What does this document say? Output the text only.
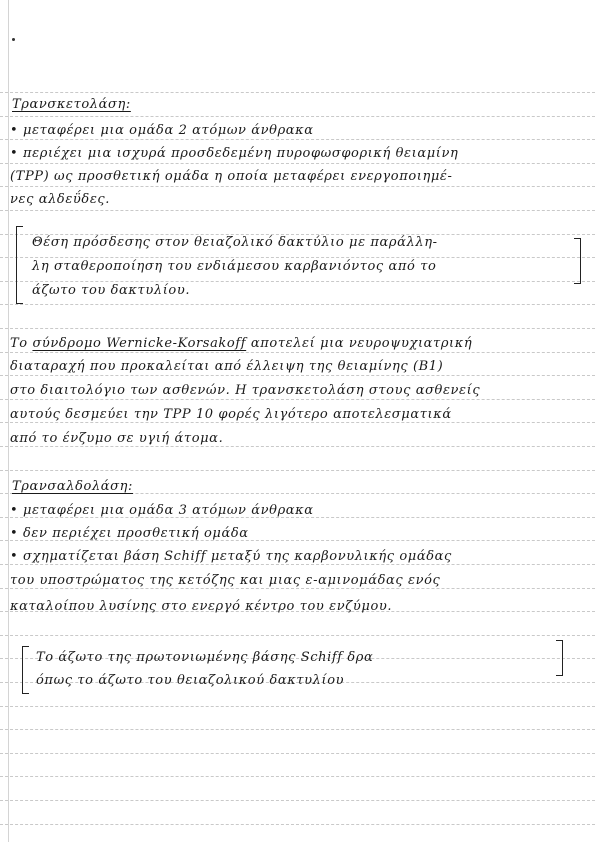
Τρανσκετολάση:
• μεταφέρει μια ομάδα 2 ατόμων άνθρακα
• περιέχει μια ισχυρά προσδεδεμένη πυροφωσφορική θειαμίνη
(TPP) ως προσθετική ομάδα η οποία μεταφέρει ενεργοποιημέ-
νες αλδεΰδες.
Θέση πρόσδεσης στον θειαζολικό δακτύλιο με παράλλη-
λη σταθεροποίηση του ενδιάμεσου καρβανιόντος από το
άζωτο του δακτυλίου.
Το σύνδρομο Wernicke-Korsakoff αποτελεί μια νευροψυχιατρική
διαταραχή που προκαλείται από έλλειψη της θειαμίνης (B1)
στο διαιτολόγιο των ασθενών. Η τρανσκετολάση στους ασθενείς
αυτούς δεσμεύει την TPP 10 φορές λιγότερο αποτελεσματικά
από το ένζυμο σε υγιή άτομα.
Τρανσαλδολάση:
• μεταφέρει μια ομάδα 3 ατόμων άνθρακα
• δεν περιέχει προσθετική ομάδα
• σχηματίζεται βάση Schiff μεταξύ της καρβονυλικής ομάδας
του υποστρώματος της κετόζης και μιας ε-αμινομάδας ενός
καταλοίπου λυσίνης στο ενεργό κέντρο του ενζύμου.
Το άζωτο της πρωτονιωμένης βάσης Schiff δρα
όπως το άζωτο του θειαζολικού δακτυλίου
